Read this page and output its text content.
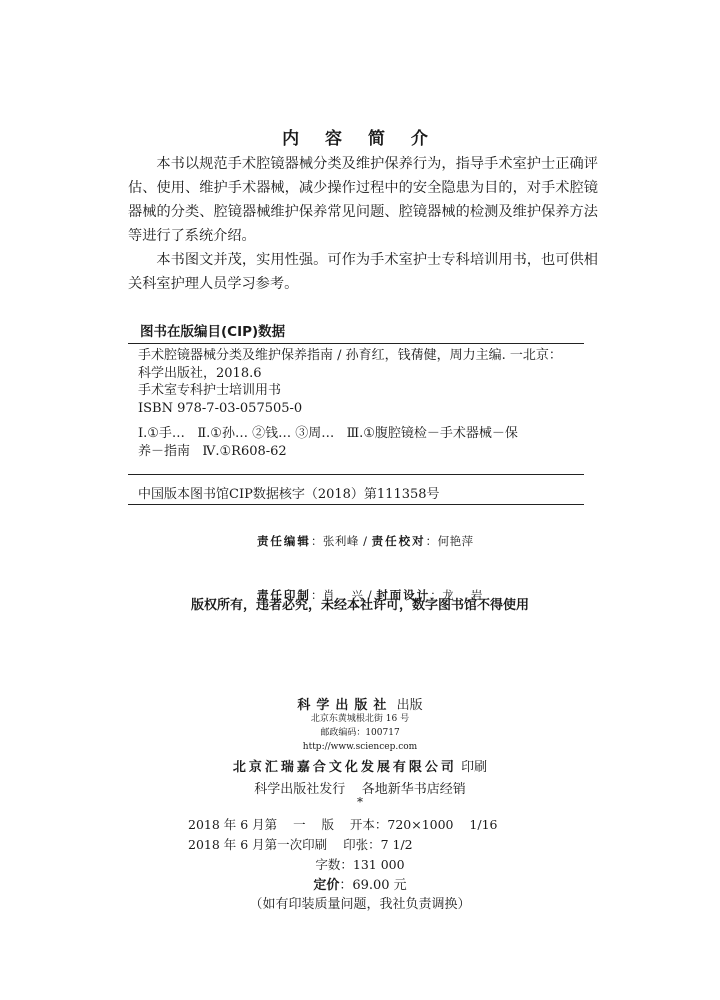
内 容 简 介

本书以规范手术腔镜器械分类及维护保养行为，指导手术室护士正确评估、使用、维护手术器械，减少操作过程中的安全隐患为目的，对手术腔镜器械的分类、腔镜器械维护保养常见问题、腔镜器械的检测及维护保养方法等进行了系统介绍。

本书图文并茂，实用性强。可作为手术室护士专科培训用书，也可供相关科室护理人员学习参考。

图书在版编目(CIP)数据
手术腔镜器械分类及维护保养指南 / 孙育红，钱蒨健，周力主编. 一北京：
科学出版社，2018.6
手术室专科护士培训用书
ISBN 978-7-03-057505-0
Ⅰ.①手…   Ⅱ.①孙… ②钱… ③周…   Ⅲ.①腹腔镜检－手术器械－保
养－指南   Ⅳ.①R608-62
中国版本图书馆CIP数据核字（2018）第111358号

责任编辑：张利峰 / 责任校对：何艳萍

责任印制：肖    兴 / 封面设计：龙    岩

版权所有，违者必究，未经本社许可，数字图书馆不得使用
科学出版社 出版
北京东黄城根北街 16 号
邮政编码：100717
http://www.sciencep.com
北京汇瑞嘉合文化发展有限公司 印刷
科学出版社发行    各地新华书店经销
*
2018 年 6 月第    一    版    开本：720×1000    1/16
2018 年 6 月第一次印刷    印张：7 1/2
字数：131 000
定价：69.00 元
（如有印装质量问题，我社负责调换）
